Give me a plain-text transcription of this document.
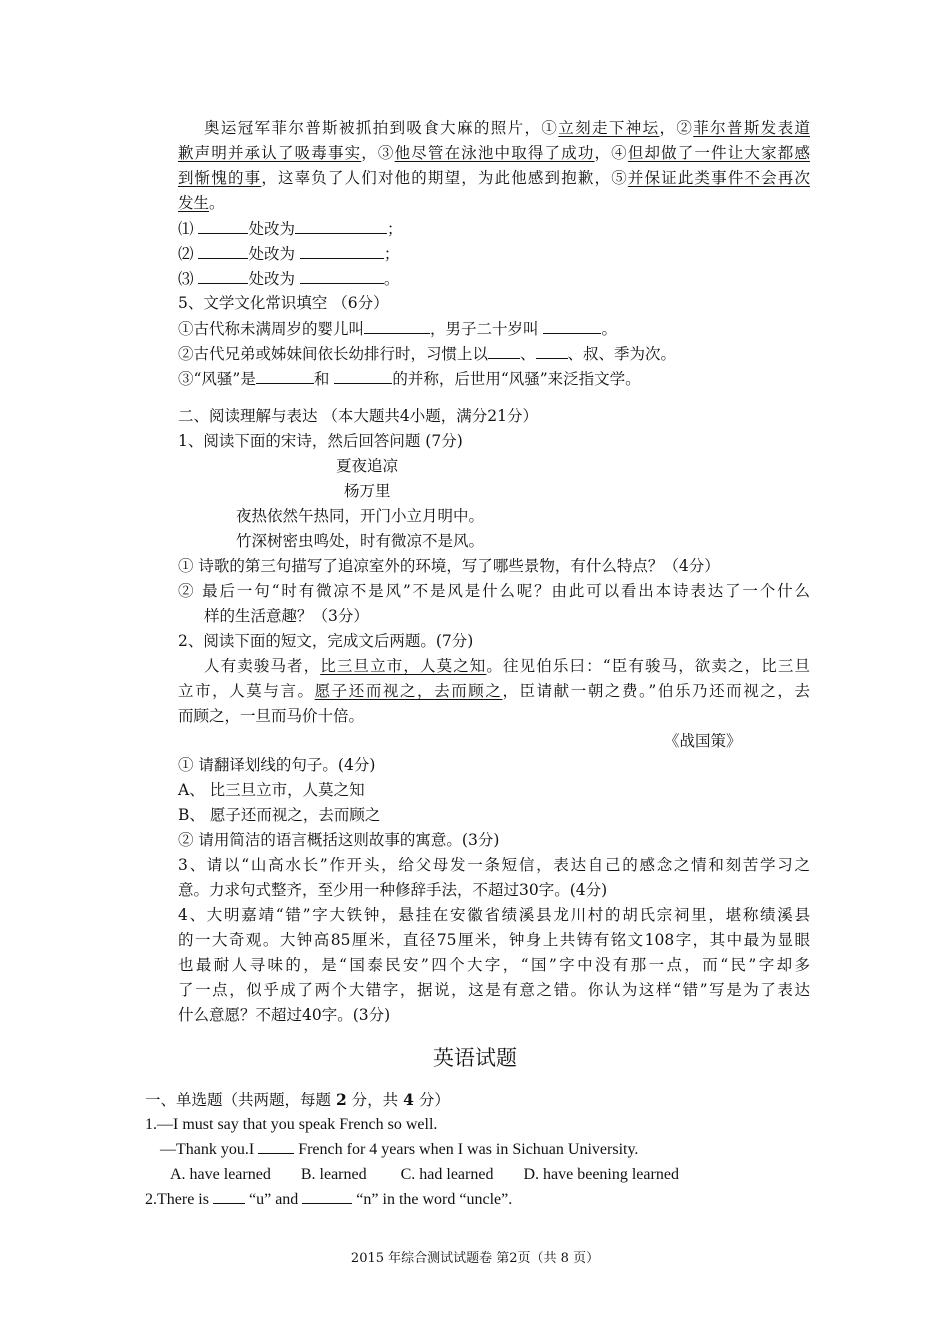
奥运冠军菲尔普斯被抓拍到吸食大麻的照片，①立刻走下神坛，②菲尔普斯发表道
歉声明并承认了吸毒事实，③他尽管在泳池中取得了成功，④但却做了一件让大家都感
到惭愧的事，这辜负了人们对他的期望，为此他感到抱歉，⑤并保证此类事件不会再次
发生。
⑴	处改为	；
⑵	处改为	；
⑶	处改为	。
5、文学文化常识填空 （6分）
①古代称未满周岁的婴儿叫	，男子二十岁叫	。
②古代兄弟或姊妹间依长幼排行时，习惯上以 、 、叔、季为次。
③“风骚”是	和	的并称，后世用“风骚”来泛指文学。
二、阅读理解与表达 （本大题共4小题，满分21分）
1、阅读下面的宋诗，然后回答问题 (7分)
夏夜追凉
杨万里
夜热依然午热同，开门小立月明中。
竹深树密虫鸣处，时有微凉不是风。
① 诗歌的第三句描写了追凉室外的环境，写了哪些景物，有什么特点？（4分）
② 最后一句“时有微凉不是风”不是风是什么呢？由此可以看出本诗表达了一个什么
样的生活意趣？（3分）
2、阅读下面的短文，完成文后两题。(7分)
人有卖骏马者，比三旦立市，人莫之知。往见伯乐曰：“臣有骏马，欲卖之，比三旦
立市，人莫与言。愿子还而视之，去而顾之，臣请献一朝之费。”伯乐乃还而视之，去
而顾之，一旦而马价十倍。
《战国策》
① 请翻译划线的句子。(4分)
A、 比三旦立市，人莫之知
B、 愿子还而视之，去而顾之
② 请用简洁的语言概括这则故事的寓意。(3分)
3、请以“山高水长”作开头，给父母发一条短信，表达自己的感念之情和刻苦学习之
意。力求句式整齐，至少用一种修辞手法，不超过30字。(4分)
4、大明嘉靖“错”字大铁钟，悬挂在安徽省绩溪县龙川村的胡氏宗祠里，堪称绩溪县
的一大奇观。大钟高85厘米，直径75厘米，钟身上共铸有铭文108字，其中最为显眼
也最耐人寻味的，是“国泰民安”四个大字，“国”字中没有那一点，而“民”字却多
了一点，似乎成了两个大错字，据说，这是有意之错。你认为这样“错”写是为了表达
什么意愿？不超过40字。(3分)
英语试题
一、单选题（共两题，每题 2 分，共 4 分）
1.—I must say that you speak French so well.
—Thank you.I  French for 4 years when I was in Sichuan University.
A. have learned B. learned C. had learned D. have beening learned
2.There is  “u” and	“n” in the word “uncle”.
2015 年综合测试试题卷 第2页（共 8 页）
